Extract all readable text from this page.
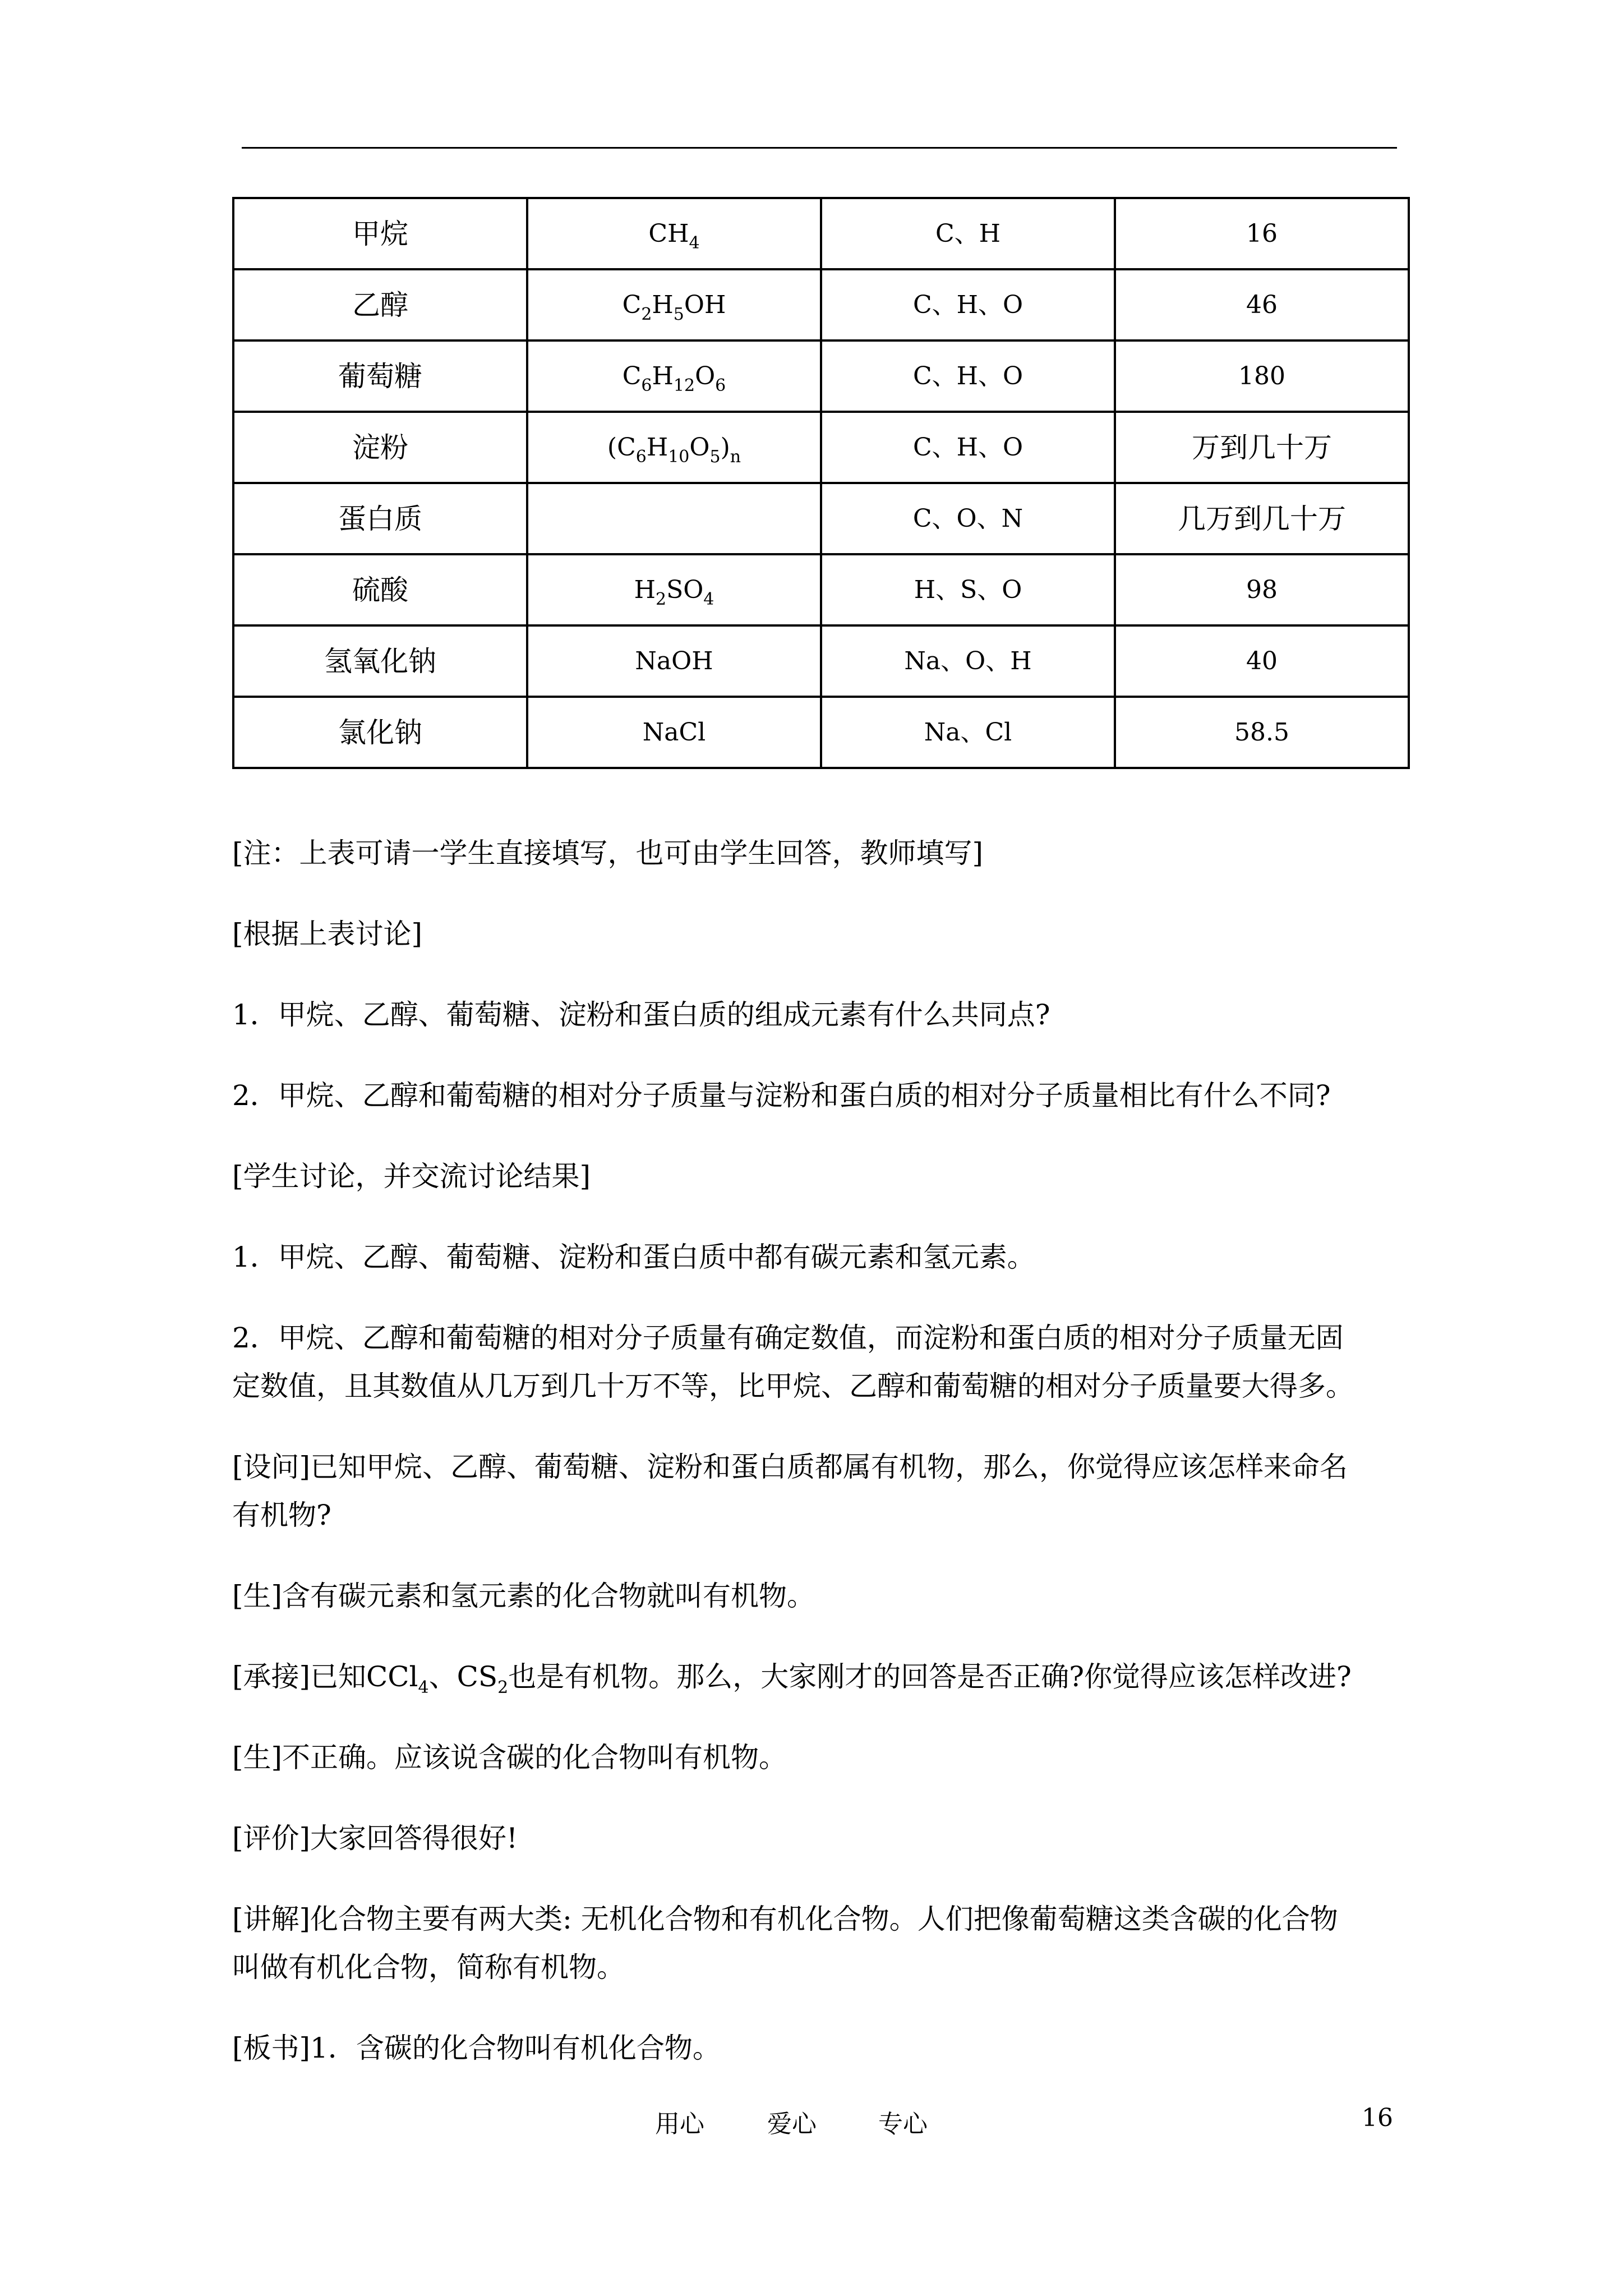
甲烷	$CH_4$	C、H	16
乙醇	$C_2H_5OH$	C、H、O	46
葡萄糖	$C_6H_{12}O_6$	C、H、O	180
淀粉	$(C_6H_{10}O_5)_n$	C、H、O	万到几十万
蛋白质		C、O、N	几万到几十万
硫酸	$H_2SO_4$	H、S、O	98
氢氧化钠	NaOH	Na、O、H	40
氯化钠	NaCl	Na、Cl	58.5
[注：上表可请一学生直接填写，也可由学生回答，教师填写]
[根据上表讨论]
1．甲烷、乙醇、葡萄糖、淀粉和蛋白质的组成元素有什么共同点?
2．甲烷、乙醇和葡萄糖的相对分子质量与淀粉和蛋白质的相对分子质量相比有什么不同?
[学生讨论，并交流讨论结果]
1．甲烷、乙醇、葡萄糖、淀粉和蛋白质中都有碳元素和氢元素。
2．甲烷、乙醇和葡萄糖的相对分子质量有确定数值，而淀粉和蛋白质的相对分子质量无固
定数值，且其数值从几万到几十万不等，比甲烷、乙醇和葡萄糖的相对分子质量要大得多。
[设问]已知甲烷、乙醇、葡萄糖、淀粉和蛋白质都属有机物，那么，你觉得应该怎样来命名
有机物?
[生]含有碳元素和氢元素的化合物就叫有机物。
[承接]已知CCl$_4$、$CS_2$也是有机物。那么，大家刚才的回答是否正确?你觉得应该怎样改进?
[生]不正确。应该说含碳的化合物叫有机物。
[评价]大家回答得很好!
[讲解]化合物主要有两大类: 无机化合物和有机化合物。人们把像葡萄糖这类含碳的化合物
叫做有机化合物，简称有机物。
[板书]1．含碳的化合物叫有机化合物。
用心	爱心	专心	16
